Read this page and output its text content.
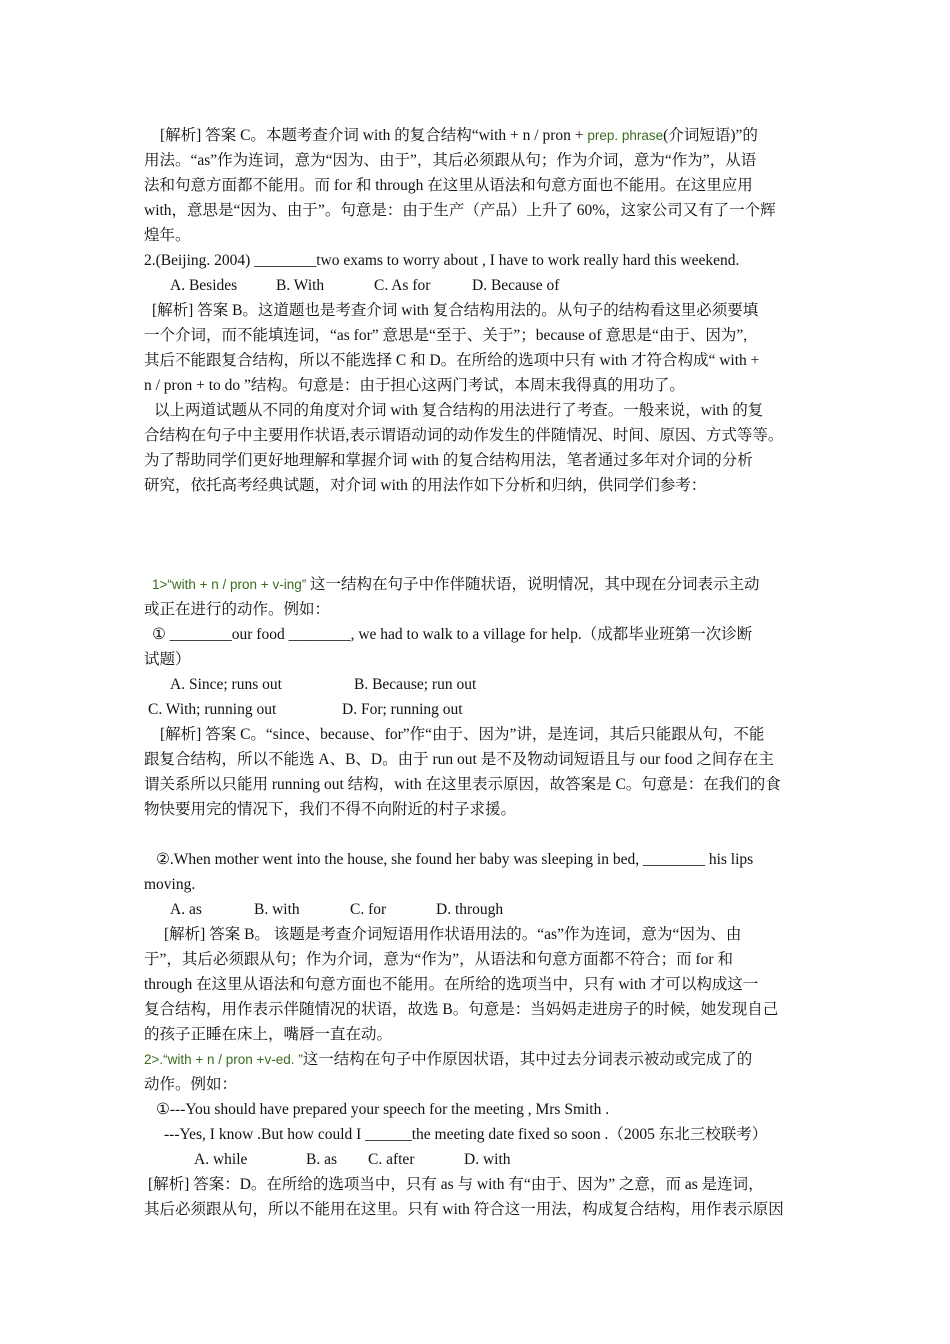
[解析] 答案 C。本题考查介词 with 的复合结构“with + n / pron + prep. phrase(介词短语)”的
用法。“as”作为连词，意为“因为、由于”，其后必须跟从句；作为介词，意为“作为”，从语
法和句意方面都不能用。而 for 和 through 在这里从语法和句意方面也不能用。在这里应用
with，意思是“因为、由于”。句意是：由于生产（产品）上升了 60%，这家公司又有了一个辉
煌年。
2.(Beijing. 2004) ________two exams to worry about , I have to work really hard this weekend.
A. Besides	B. With	C. As for	D. Because of
[解析] 答案 B。这道题也是考查介词 with 复合结构用法的。从句子的结构看这里必须要填
一个介词，而不能填连词，“as for” 意思是“至于、关于”；because of 意思是“由于、因为”,
其后不能跟复合结构，所以不能选择 C 和 D。在所给的选项中只有 with 才符合构成“ with +
n / pron + to do ”结构。句意是：由于担心这两门考试，本周末我得真的用功了。
以上两道试题从不同的角度对介词 with 复合结构的用法进行了考查。一般来说，with 的复
合结构在句子中主要用作状语,表示谓语动词的动作发生的伴随情况、时间、原因、方式等等。
为了帮助同学们更好地理解和掌握介词 with 的复合结构用法，笔者通过多年对介词的分析
研究，依托高考经典试题，对介词 with 的用法作如下分析和归纳，供同学们参考：
1>“with + n / pron + v-ing” 这一结构在句子中作伴随状语，说明情况，其中现在分词表示主动
或正在进行的动作。例如：
① ________our food ________, we had to walk to a village for help.（成都毕业班第一次诊断
试题）
A. Since; runs out	B. Because; run out
C. With; running out	D. For; running out
[解析] 答案 C。“since、because、for”作“由于、因为”讲，是连词，其后只能跟从句，不能
跟复合结构，所以不能选 A、B、D。由于 run out 是不及物动词短语且与 our food 之间存在主
谓关系所以只能用 running out 结构，with 在这里表示原因，故答案是 C。句意是：在我们的食
物快要用完的情况下，我们不得不向附近的村子求援。
②.When mother went into the house, she found her baby was sleeping in bed, ________ his lips
moving.
A. as	B. with	C. for	D. through
[解析] 答案 B。 该题是考查介词短语用作状语用法的。“as”作为连词，意为“因为、由
于”，其后必须跟从句；作为介词，意为“作为”，从语法和句意方面都不符合；而 for 和
through 在这里从语法和句意方面也不能用。在所给的选项当中，只有 with 才可以构成这一
复合结构，用作表示伴随情况的状语，故选 B。句意是：当妈妈走进房子的时候，她发现自己
的孩子正睡在床上，嘴唇一直在动。
2>.“with + n / pron +v-ed. ”这一结构在句子中作原因状语，其中过去分词表示被动或完成了的
动作。例如：
①---You should have prepared your speech for the meeting , Mrs Smith .
---Yes, I know .But how could I ______the meeting date fixed so soon .（2005 东北三校联考）
A. while	B. as C. after	D. with
[解析] 答案：D。在所给的选项当中，只有 as 与 with 有“由于、因为” 之意，而 as 是连词，
其后必须跟从句，所以不能用在这里。只有 with 符合这一用法，构成复合结构，用作表示原因
